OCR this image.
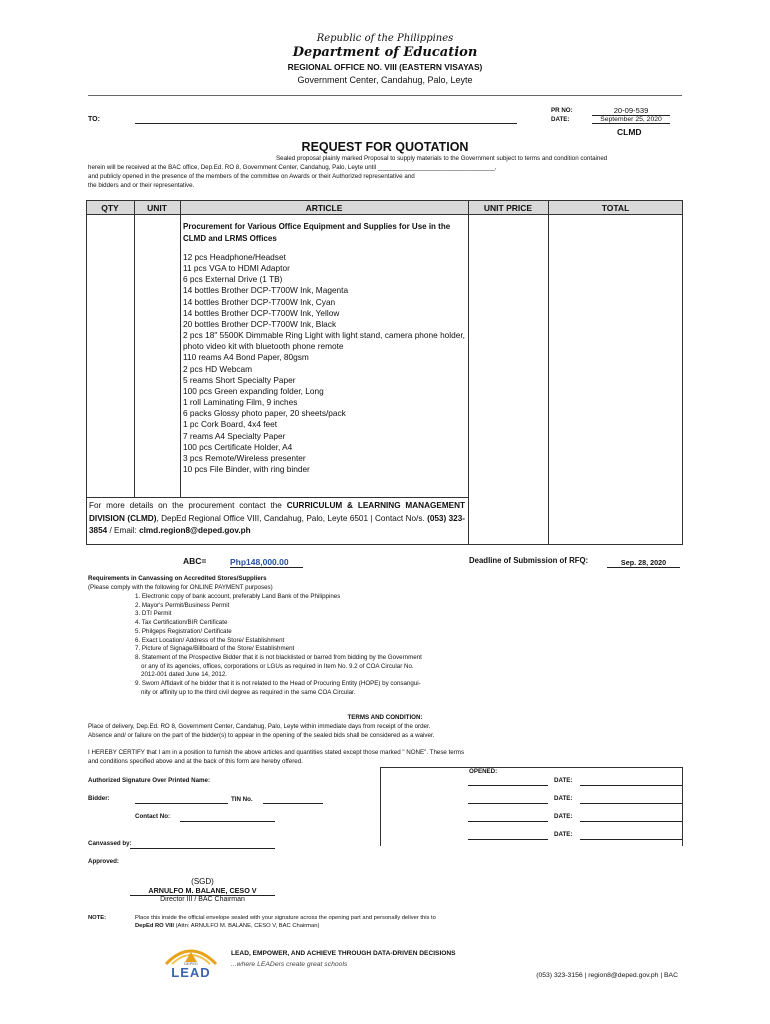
Republic of the Philippines
Department of Education
REGIONAL OFFICE NO. VIII (EASTERN VISAYAS)
Government Center, Candahug, Palo, Leyte
TO:
PR NO:	20-09-539
DATE:	September 25, 2020
CLMD
REQUEST FOR QUOTATION
Sealed proposal plainly marked Proposal to supply materials to the Government subject to terms and condition contained
herein will be received at the BAC office, Dep.Ed. RO 8, Government Center, Candahug, Palo, Leyte until __________________________________,
and publicly opened in the presence of the members of the committee on Awards or their Authorized representative and
the bidders and or their representative.
QTY	UNIT	ARTICLE	UNIT PRICE	TOTAL
Procurement for Various Office Equipment and Supplies for Use in the CLMD and LRMS Offices
12 pcs Headphone/Headset
11 pcs VGA to HDMI Adaptor
6 pcs External Drive (1 TB)
14 bottles Brother DCP-T700W Ink, Magenta
14 bottles Brother DCP-T700W Ink, Cyan
14 bottles Brother DCP-T700W Ink, Yellow
20 bottles Brother DCP-T700W Ink, Black
2 pcs 18" 5500K Dimmable Ring Light with light stand, camera phone holder, photo video kit with bluetooth phone remote
110 reams A4 Bond Paper, 80gsm
2 pcs HD Webcam
5 reams Short Specialty Paper
100 pcs Green expanding folder, Long
1 roll Laminating Film, 9 inches
6 packs Glossy photo paper, 20 sheets/pack
1 pc Cork Board, 4x4 feet
7 reams A4 Specialty Paper
100 pcs Certificate Holder, A4
3 pcs Remote/Wireless presenter
10 pcs File Binder, with ring binder
For more details on the procurement contact the CURRICULUM & LEARNING MANAGEMENT DIVISION (CLMD), DepEd Regional Office VIII, Candahug, Palo, Leyte 6501 | Contact No/s. (053) 323-3854 / Email: clmd.region8@deped.gov.ph
ABC=	Php148,000.00	Deadline of Submission of RFQ:	Sep. 28, 2020
Requirements in Canvassing on Accredited Stores/Suppliers
(Please comply with the following for ONLINE PAYMENT purposes)
1. Electronic copy of bank account, preferably Land Bank of the Philippines
2. Mayor's Permit/Business Permit
3. DTI Permit
4. Tax Certification/BIR Certificate
5. Philgeps Registration/ Certificate
6. Exact Location/ Address of the Store/ Establishment
7. Picture of Signage/Billboard of the Store/ Establishment
8. Statement of the Prospective Bidder that it is not blacklisted or barred from bidding by the Government
or any of its agencies, offices, corporations or LGUs as required in Item No. 9.2 of COA Circular No.
2012-001 dated June 14, 2012.
9. Sworn Affidavit of he bidder that it is not related to the Head of Procuring Entity (HOPE) by consangui-
nity or affinity up to the third civil degree as required in the same COA Circular.
TERMS AND CONDITION:
Place of delivery, Dep.Ed. RO 8, Government Center, Candahug, Palo, Leyte within immediate days from receipt of the order.
Absence and/ or failure on the part of the bidder(s) to appear in the opening of the sealed bids shall be considered as a waiver.
I HEREBY CERTIFY that I am in a position to furnish the above articles and quantities stated except those marked " NONE". These terms
and conditions specified above and at the back of this form are hereby offered.
Authorized Signature Over Printed Name:
Bidder:	TIN No.
Contact No:
Canvassed by:
Approved:
OPENED:
DATE:
DATE:
DATE:
DATE:
(SGD)
ARNULFO M. BALANE, CESO V
Director III / BAC Chairman
NOTE:	Place this inside the official envelope sealed with your signature across the opening part and personally deliver this to
DepEd RO VIII (Attn: ARNULFO M. BALANE, CESO V, BAC Chairman)
DEPED
LEAD
LEAD, EMPOWER, AND ACHIEVE THROUGH DATA-DRIVEN DECISIONS
...where LEADers create great schools
(053) 323-3156 | region8@deped.gov.ph | BAC
